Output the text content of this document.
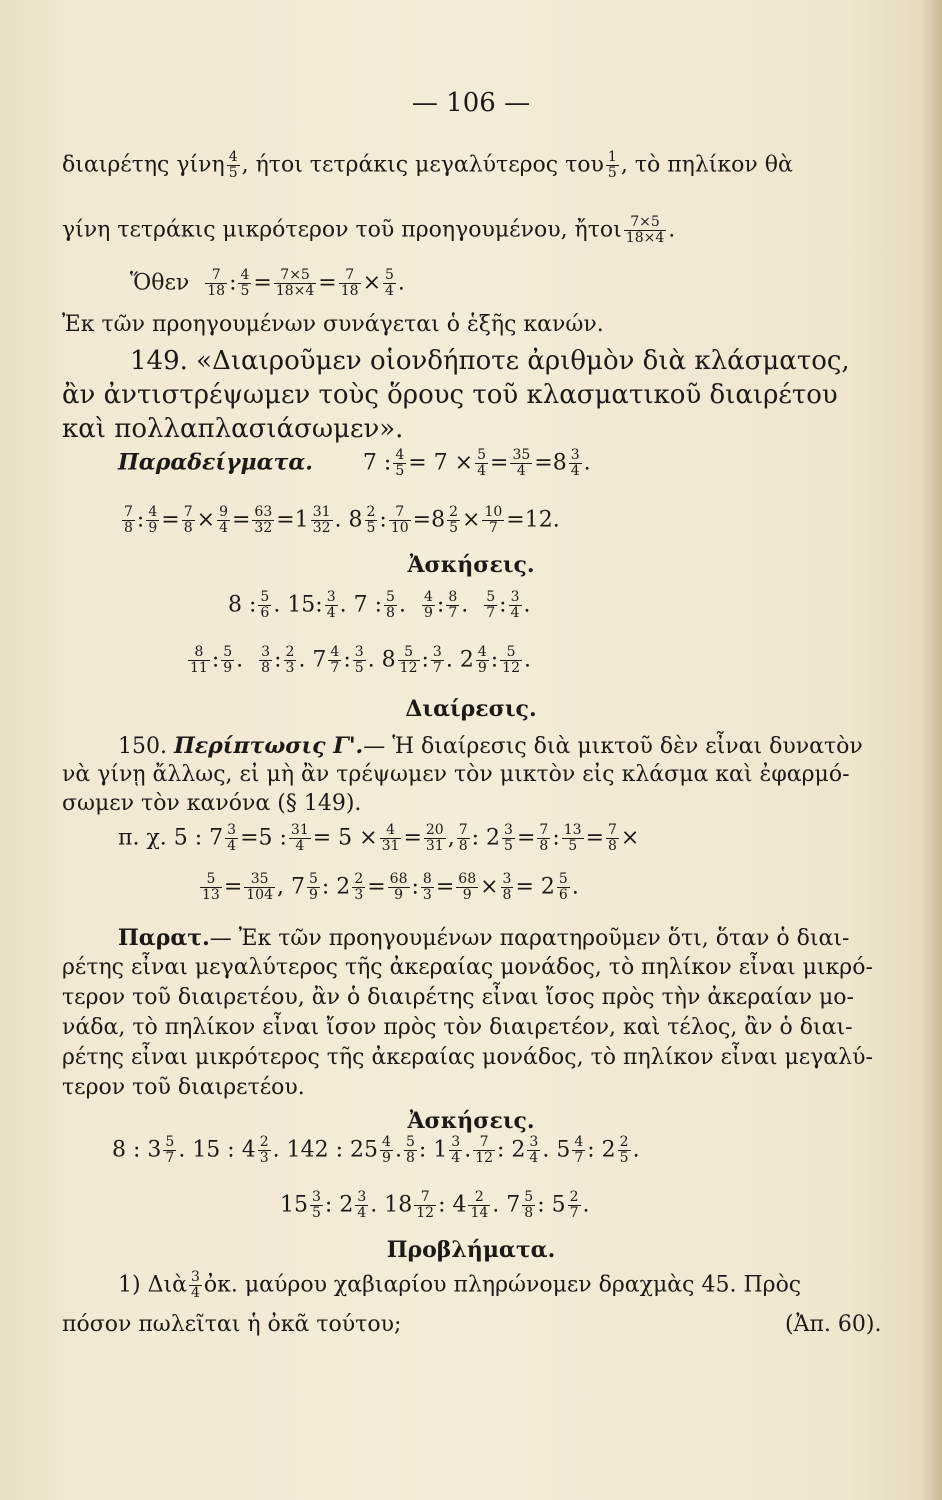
— 106 —
διαιρέτης γίνη $\frac{4}{5}$ , ήτοι τετράκις μεγαλύτερος του $\frac{1}{5}$ , τὸ πηλίκον θὰ
γίνη τετράκις μικρότερον τοῦ προηγουμένου, ἤτοι $\frac{7\times 5}{18\times 4}$ .
Ὅθεν $\frac{7}{18}$ : $\frac{4}{5} = \frac{7\times 5}{18\times 4} = \frac{7}{18} \times \frac{5}{4}$ .
Ἐκ τῶν προηγουμένων συνάγεται ὁ ἑξῆς κανών.
149. «Διαιροῦμεν οἱονδήποτε ἀριθμὸν διὰ κλάσματος,
ἂν ἀντιστρέψωμεν τοὺς ὅρους τοῦ κλασματικοῦ διαιρέτου
καὶ πολλαπλασιάσωμεν».
Παραδείγματα. 7 : $\frac{4}{5} = 7 \times \frac{5}{4} = \frac{35}{4} =8 \frac{3}{4}$ .
$\frac{7}{8}$ : $\frac{4}{9} = \frac{7}{8} \times \frac{9}{4} = \frac{63}{32} =1 \frac{31}{32}$ . $8 \frac{2}{5}$ : $\frac{7}{10} =8 \frac{2}{5} \times \frac{10}{7} =12$.
Ἀσκήσεις.
8 : $\frac{5}{6}$ . 15: $\frac{3}{4}$ . 7 : $\frac{5}{8}$ . $\frac{4}{9}$ : $\frac{8}{7}$ . $\frac{5}{7}$ : $\frac{3}{4}$ .
$\frac{8}{11}$ : $\frac{5}{9}$ . $\frac{3}{8}$ : $\frac{2}{3}$ . $7 \frac{4}{7}$ : $\frac{3}{5}$ . $8 \frac{5}{12}$ : $\frac{3}{7}$ . $2 \frac{4}{9}$ : $\frac{5}{12}$ .
Διαίρεσις.
150. Περίπτωσις Γ'.— Ἡ διαίρεσις διὰ μικτοῦ δὲν εἶναι δυνατὸν
νὰ γίνῃ ἄλλως, εἰ μὴ ἂν τρέψωμεν τὸν μικτὸν εἰς κλάσμα καὶ ἐφαρμό-
σωμεν τὸν κανόνα (§ 149).
π. χ. 5 : $7 \frac{3}{4} =5$ : $\frac{31}{4} = 5 \times \frac{4}{31} = \frac{20}{31}$ , $\frac{7}{8}$ : $2 \frac{3}{5} = \frac{7}{8}$ : $\frac{13}{5} = \frac{7}{8}$ ×
$\frac{5}{13} = \frac{35}{104}$ , $7 \frac{5}{9}$ : $2 \frac{2}{3} = \frac{68}{9}$ : $\frac{8}{3} = \frac{68}{9} \times \frac{3}{8} = 2 \frac{5}{6}$ .
Παρατ.— Ἐκ τῶν προηγουμένων παρατηροῦμεν ὅτι, ὅταν ὁ διαι-
ρέτης εἶναι μεγαλύτερος τῆς ἀκεραίας μονάδος, τὸ πηλίκον εἶναι μικρό-
τερον τοῦ διαιρετέου, ἂν ὁ διαιρέτης εἶναι ἴσος πρὸς τὴν ἀκεραίαν μο-
νάδα, τὸ πηλίκον εἶναι ἴσον πρὸς τὸν διαιρετέον, καὶ τέλος, ἂν ὁ διαι-
ρέτης εἶναι μικρότερος τῆς ἀκεραίας μονάδος, τὸ πηλίκον εἶναι μεγαλύ-
τερον τοῦ διαιρετέου.
Ἀσκήσεις.
8 : $3 \frac{5}{7}$ . 15 : $4 \frac{2}{3}$ . 142 : $25 \frac{4}{9}$ . $\frac{5}{8}$ : $1 \frac{3}{4}$ . $\frac{7}{12}$ : $2 \frac{3}{4}$ . $5 \frac{4}{7}$ : $2 \frac{2}{5}$ .
$15 \frac{3}{5}$ : $2 \frac{3}{4}$ . $18 \frac{7}{12}$ : $4 \frac{2}{14}$ . $7 \frac{5}{8}$ : $5 \frac{2}{7}$ .
Προβλήματα.
1) Διὰ $\frac{3}{4}$ ὀκ. μαύρου χαβιαρίου πληρώνομεν δραχμὰς 45. Πρὸς
πόσον πωλεῖται ἡ ὀκᾶ τούτου;	(Ἀπ. 60).
